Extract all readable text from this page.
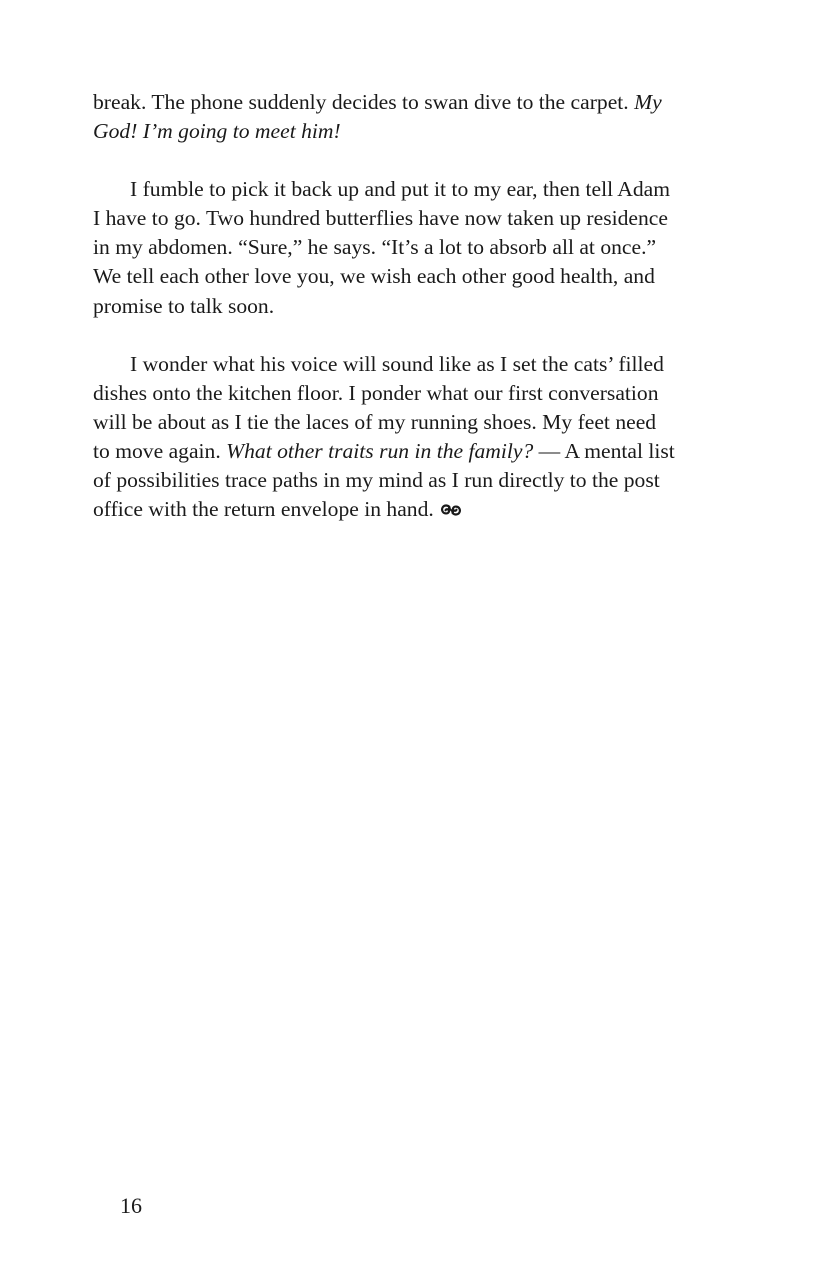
break. The phone suddenly decides to swan dive to the carpet. My
God! I’m going to meet him!

I fumble to pick it back up and put it to my ear, then tell Adam
I have to go. Two hundred butterflies have now taken up residence
in my abdomen. “Sure,” he says. “It’s a lot to absorb all at once.”
We tell each other love you, we wish each other good health, and
promise to talk soon.

I wonder what his voice will sound like as I set the cats’ filled
dishes onto the kitchen floor. I ponder what our first conversation
will be about as I tie the laces of my running shoes. My feet need
to move again. What other traits run in the family? — A mental list
of possibilities trace paths in my mind as I run directly to the post
office with the return envelope in hand.

16
